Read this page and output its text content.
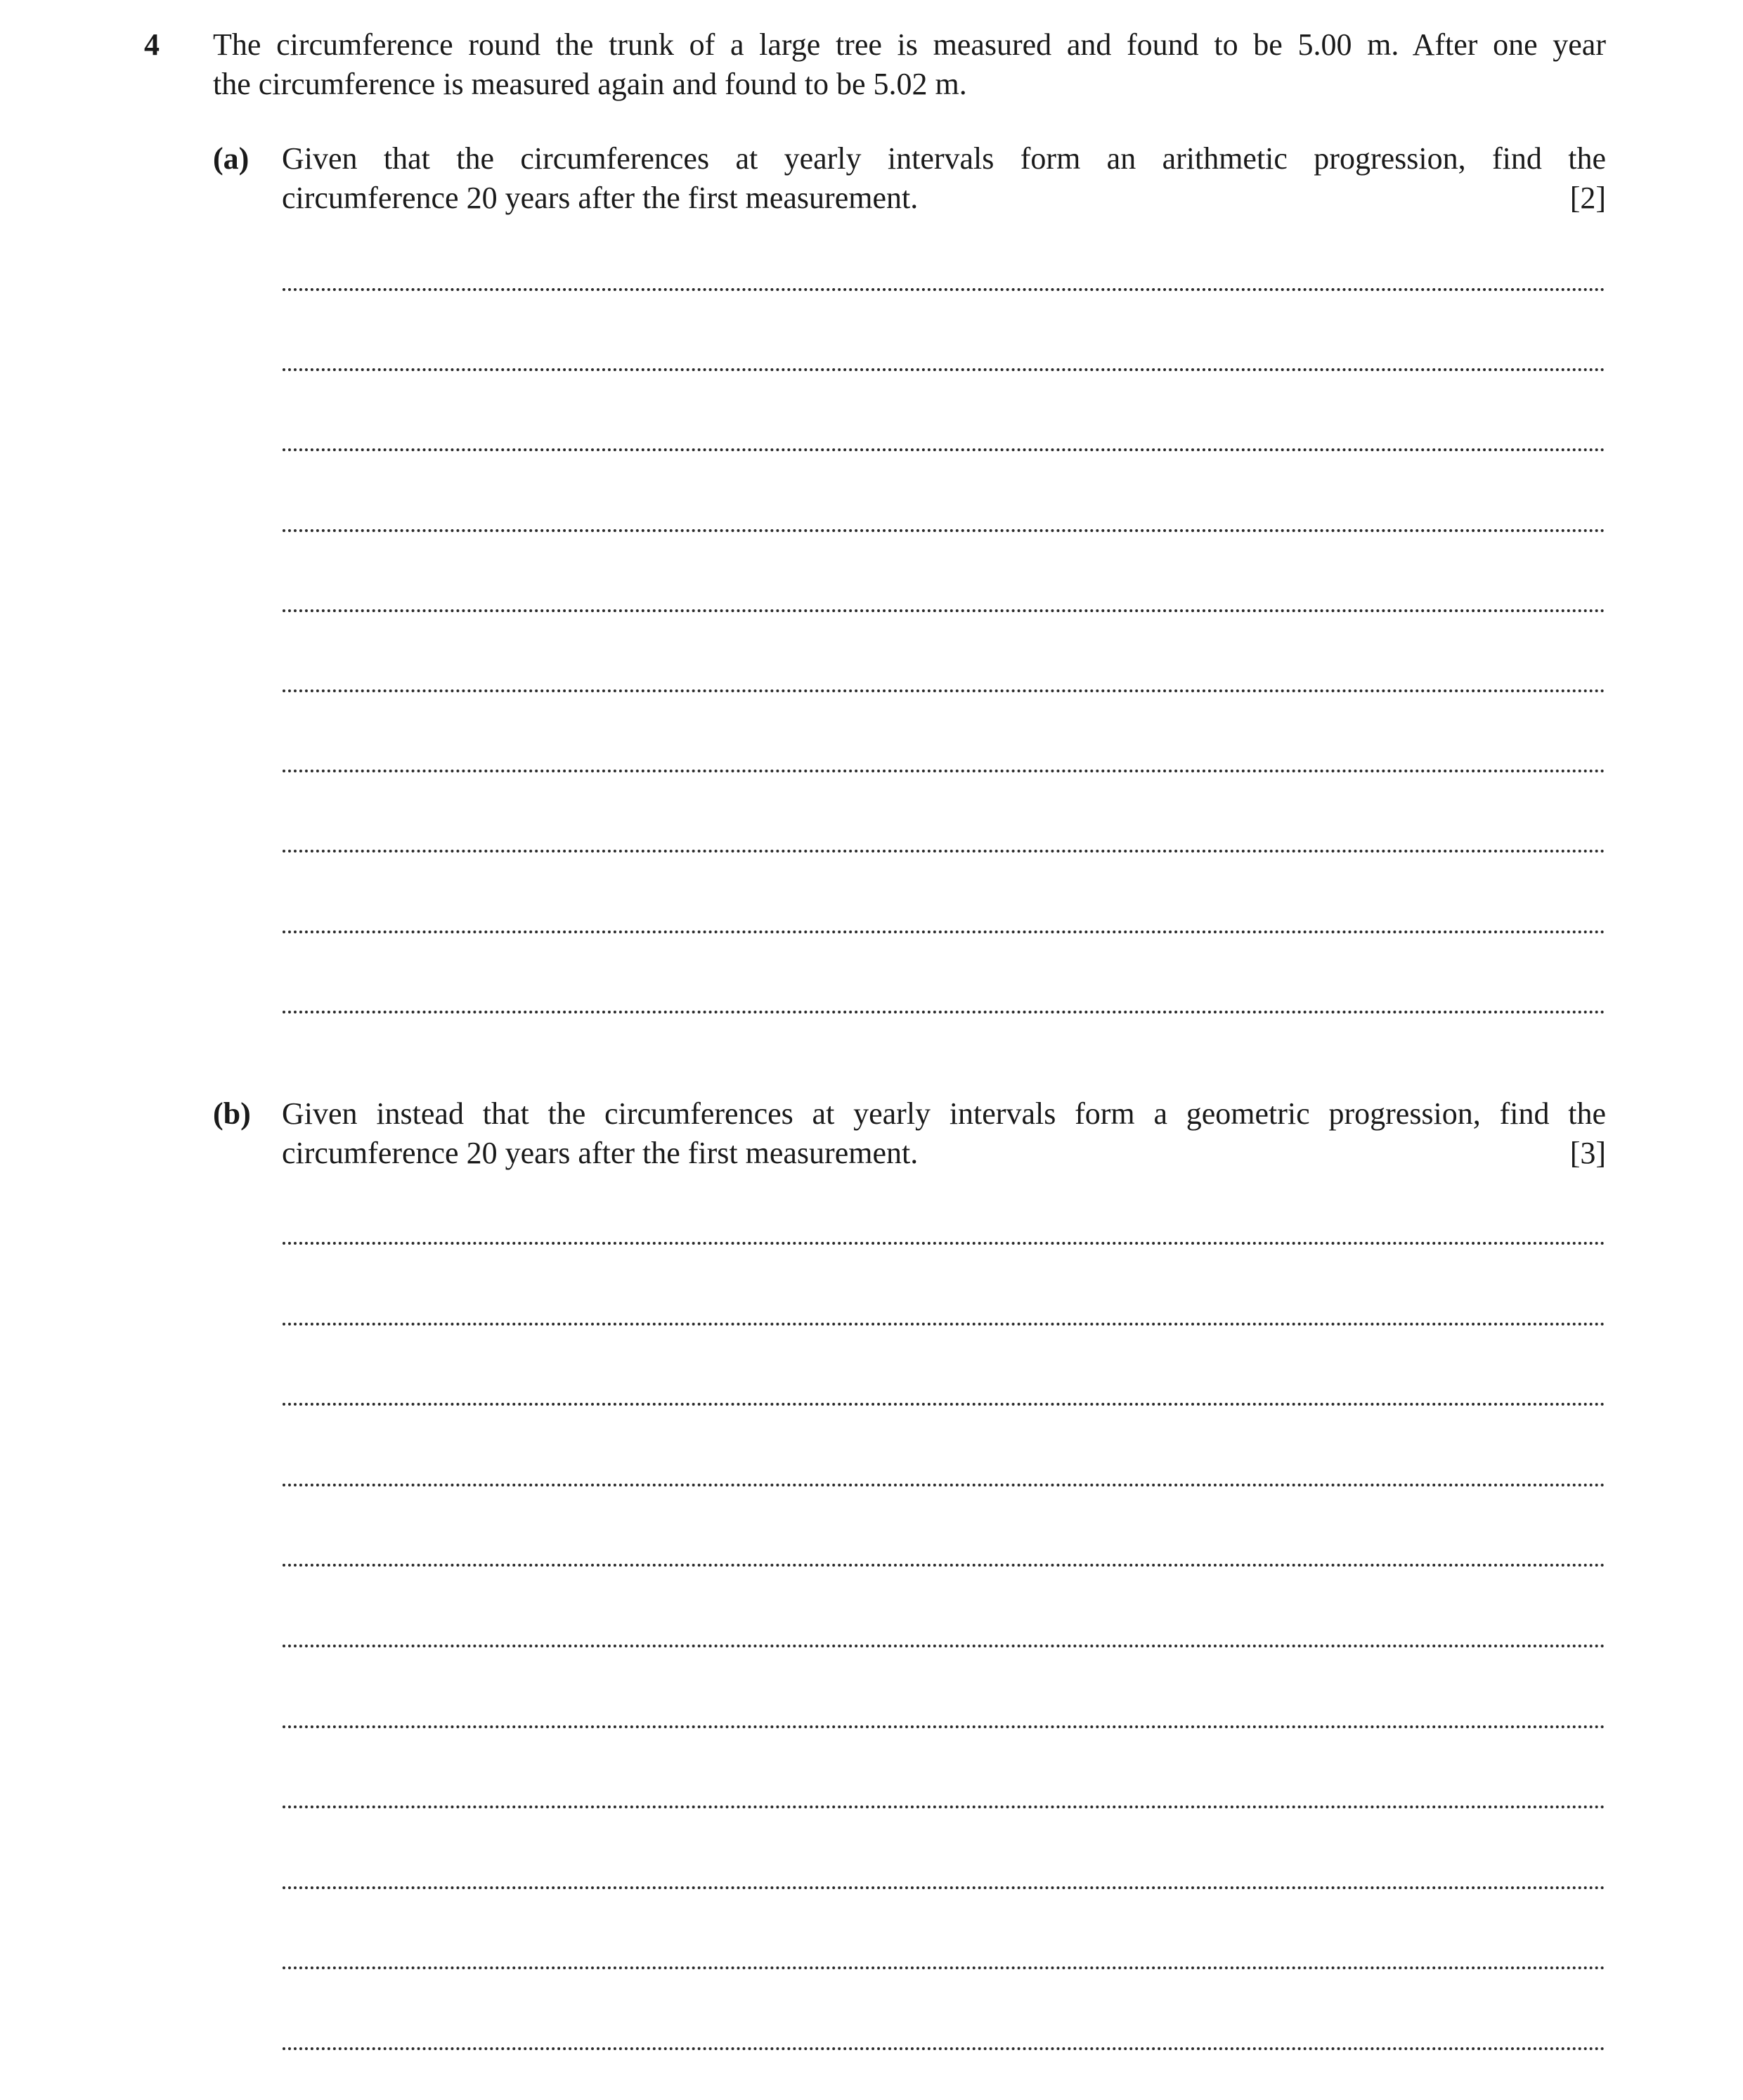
4 The circumference round the trunk of a large tree is measured and found to be 5.00 m. After one year
the circumference is measured again and found to be 5.02 m.
(a) Given that the circumferences at yearly intervals form an arithmetic progression, find the
circumference 20 years after the first measurement.	[2]
(b) Given instead that the circumferences at yearly intervals form a geometric progression, find the
circumference 20 years after the first measurement.	[3]
